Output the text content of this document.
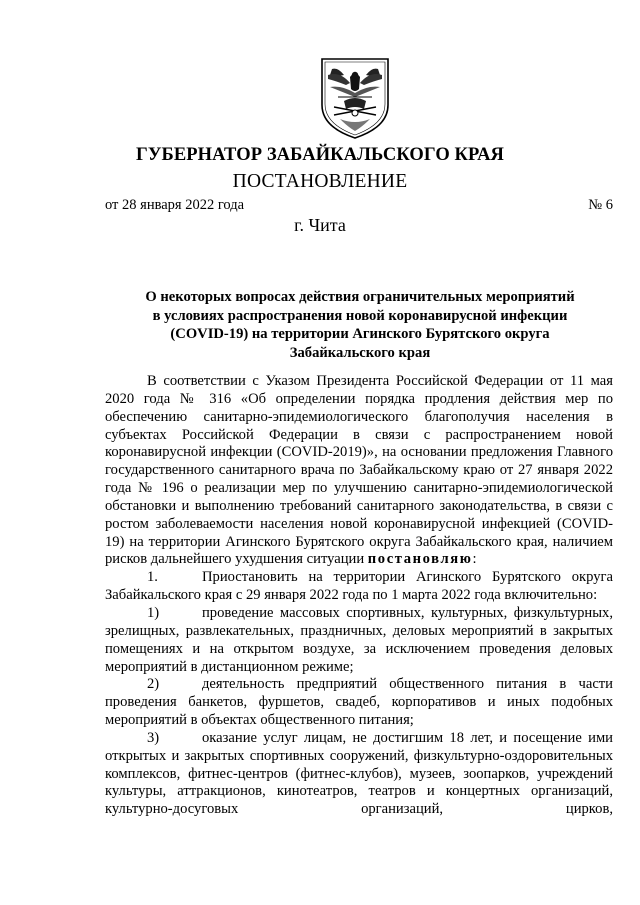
ГУБЕРНАТОР ЗАБАЙКАЛЬСКОГО КРАЯ
ПОСТАНОВЛЕНИЕ
от 28 января 2022 года	№ 6
г. Чита
О некоторых вопросах действия ограничительных мероприятий
в условиях распространения новой коронавирусной инфекции
(COVID-19) на территории Агинского Бурятского округа
Забайкальского края

В соответствии с Указом Президента Российской Федерации от 11 мая 2020 года № 316 «Об определении порядка продления действия мер по обеспечению санитарно-эпидемиологического благополучия населения в субъектах Российской Федерации в связи с распространением новой коронавирусной инфекции (COVID-2019)», на основании предложения Главного государственного санитарного врача по Забайкальскому краю от 27 января 2022 года № 196 о реализации мер по улучшению санитарно-эпидемиологической обстановки и выполнению требований санитарного законодательства, в связи с ростом заболеваемости населения новой коронавирусной инфекцией (COVID-19) на территории Агинского Бурятского округа Забайкальского края, наличием рисков дальнейшего ухудшения ситуации постановляю:

1.	Приостановить на территории Агинского Бурятского округа Забайкальского края с 29 января 2022 года по 1 марта 2022 года включительно:

1)	проведение массовых спортивных, культурных, физкультурных, зрелищных, развлекательных, праздничных, деловых мероприятий в закрытых помещениях и на открытом воздухе, за исключением проведения деловых мероприятий в дистанционном режиме;

2)	деятельность предприятий общественного питания в части проведения банкетов, фуршетов, свадеб, корпоративов и иных подобных мероприятий в объектах общественного питания;

3)	оказание услуг лицам, не достигшим 18 лет, и посещение ими открытых и закрытых спортивных сооружений, физкультурно-оздоровительных комплексов, фитнес-центров (фитнес-клубов), музеев, зоопарков, учреждений культуры, аттракционов, кинотеатров, театров и концертных организаций, культурно-досуговых организаций, цирков,
